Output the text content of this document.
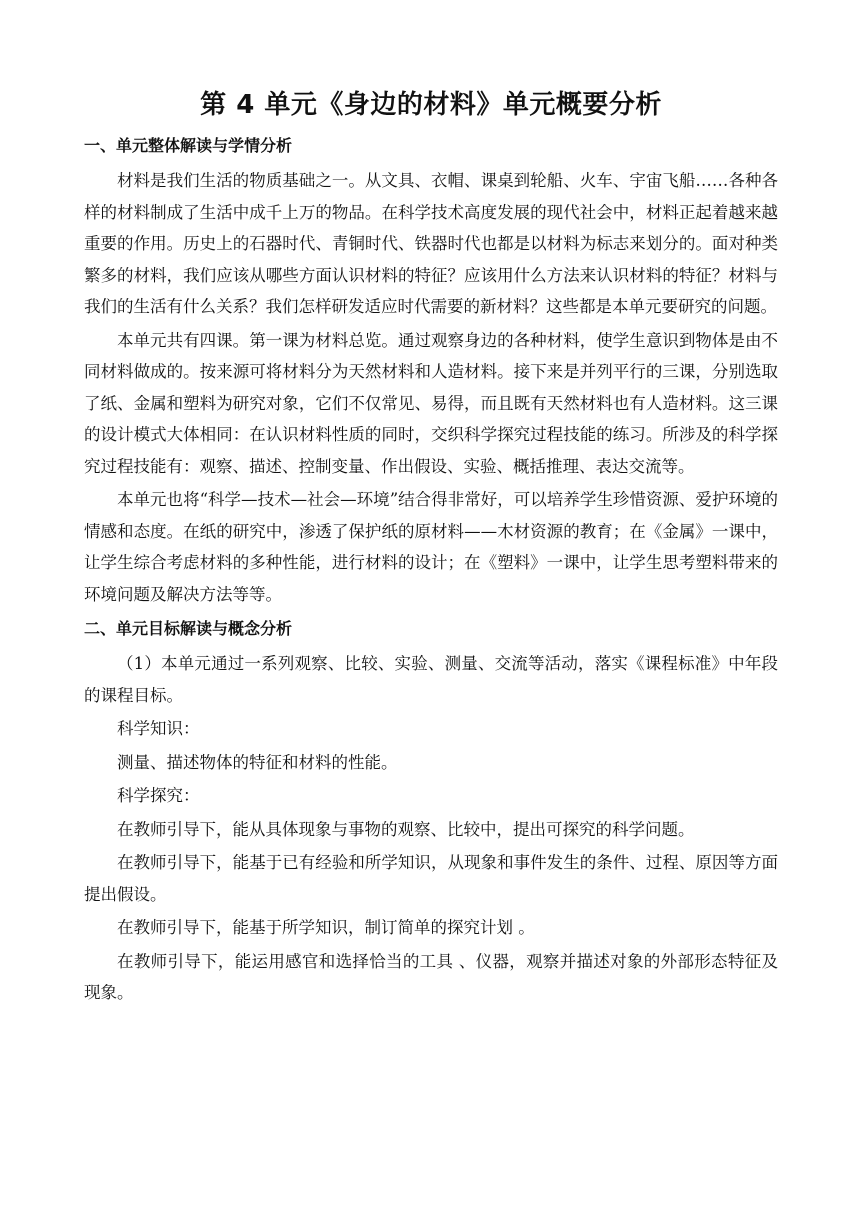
第 4 单元《身边的材料》单元概要分析
一、单元整体解读与学情分析

材料是我们生活的物质基础之一。从文具、衣帽、课桌到轮船、火车、宇宙飞船……各种各样的材料制成了生活中成千上万的物品。在科学技术高度发展的现代社会中，材料正起着越来越重要的作用。历史上的石器时代、青铜时代、铁器时代也都是以材料为标志来划分的。面对种类繁多的材料，我们应该从哪些方面认识材料的特征？应该用什么方法来认识材料的特征？材料与我们的生活有什么关系？我们怎样研发适应时代需要的新材料？这些都是本单元要研究的问题。

本单元共有四课。第一课为材料总览。通过观察身边的各种材料，使学生意识到物体是由不同材料做成的。按来源可将材料分为天然材料和人造材料。接下来是并列平行的三课，分别选取了纸、金属和塑料为研究对象，它们不仅常见、易得，而且既有天然材料也有人造材料。这三课的设计模式大体相同：在认识材料性质的同时，交织科学探究过程技能的练习。所涉及的科学探究过程技能有：观察、描述、控制变量、作出假设、实验、概括推理、表达交流等。

本单元也将“科学—技术—社会—环境”结合得非常好，可以培养学生珍惜资源、爱护环境的情感和态度。在纸的研究中，渗透了保护纸的原材料——木材资源的教育；在《金属》一课中，让学生综合考虑材料的多种性能，进行材料的设计；在《塑料》一课中，让学生思考塑料带来的环境问题及解决方法等等。

二、单元目标解读与概念分析

（1）本单元通过一系列观察、比较、实验、测量、交流等活动，落实《课程标准》中年段的课程目标。

科学知识：

测量、描述物体的特征和材料的性能。

科学探究：

在教师引导下，能从具体现象与事物的观察、比较中，提出可探究的科学问题。

在教师引导下，能基于已有经验和所学知识，从现象和事件发生的条件、过程、原因等方面提出假设。

在教师引导下，能基于所学知识，制订简单的探究计划 。

在教师引导下，能运用感官和选择恰当的工具 、仪器，观察并描述对象的外部形态特征及现象。
